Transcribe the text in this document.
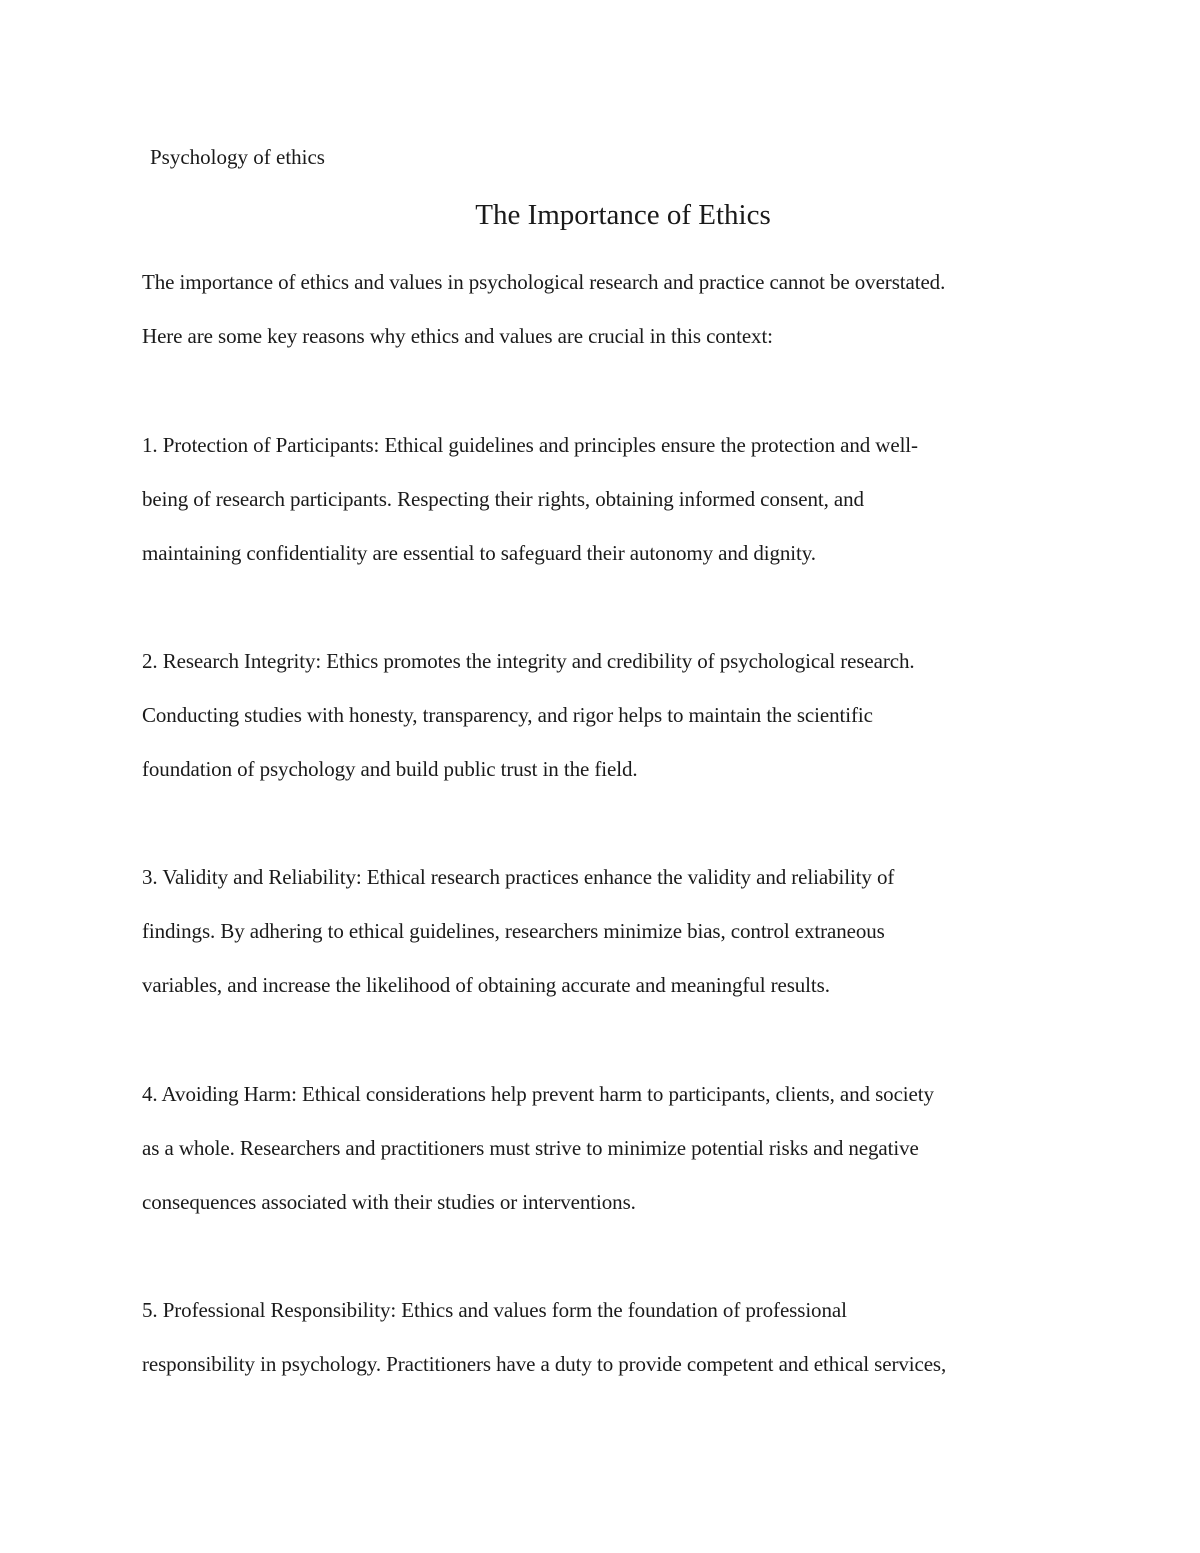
Psychology of ethics
The Importance of Ethics
The importance of ethics and values in psychological research and practice cannot be overstated.
Here are some key reasons why ethics and values are crucial in this context:
1. Protection of Participants: Ethical guidelines and principles ensure the protection and well-
being of research participants. Respecting their rights, obtaining informed consent, and
maintaining confidentiality are essential to safeguard their autonomy and dignity.
2. Research Integrity: Ethics promotes the integrity and credibility of psychological research.
Conducting studies with honesty, transparency, and rigor helps to maintain the scientific
foundation of psychology and build public trust in the field.
3. Validity and Reliability: Ethical research practices enhance the validity and reliability of
findings. By adhering to ethical guidelines, researchers minimize bias, control extraneous
variables, and increase the likelihood of obtaining accurate and meaningful results.
4. Avoiding Harm: Ethical considerations help prevent harm to participants, clients, and society
as a whole. Researchers and practitioners must strive to minimize potential risks and negative
consequences associated with their studies or interventions.
5. Professional Responsibility: Ethics and values form the foundation of professional
responsibility in psychology. Practitioners have a duty to provide competent and ethical services,
